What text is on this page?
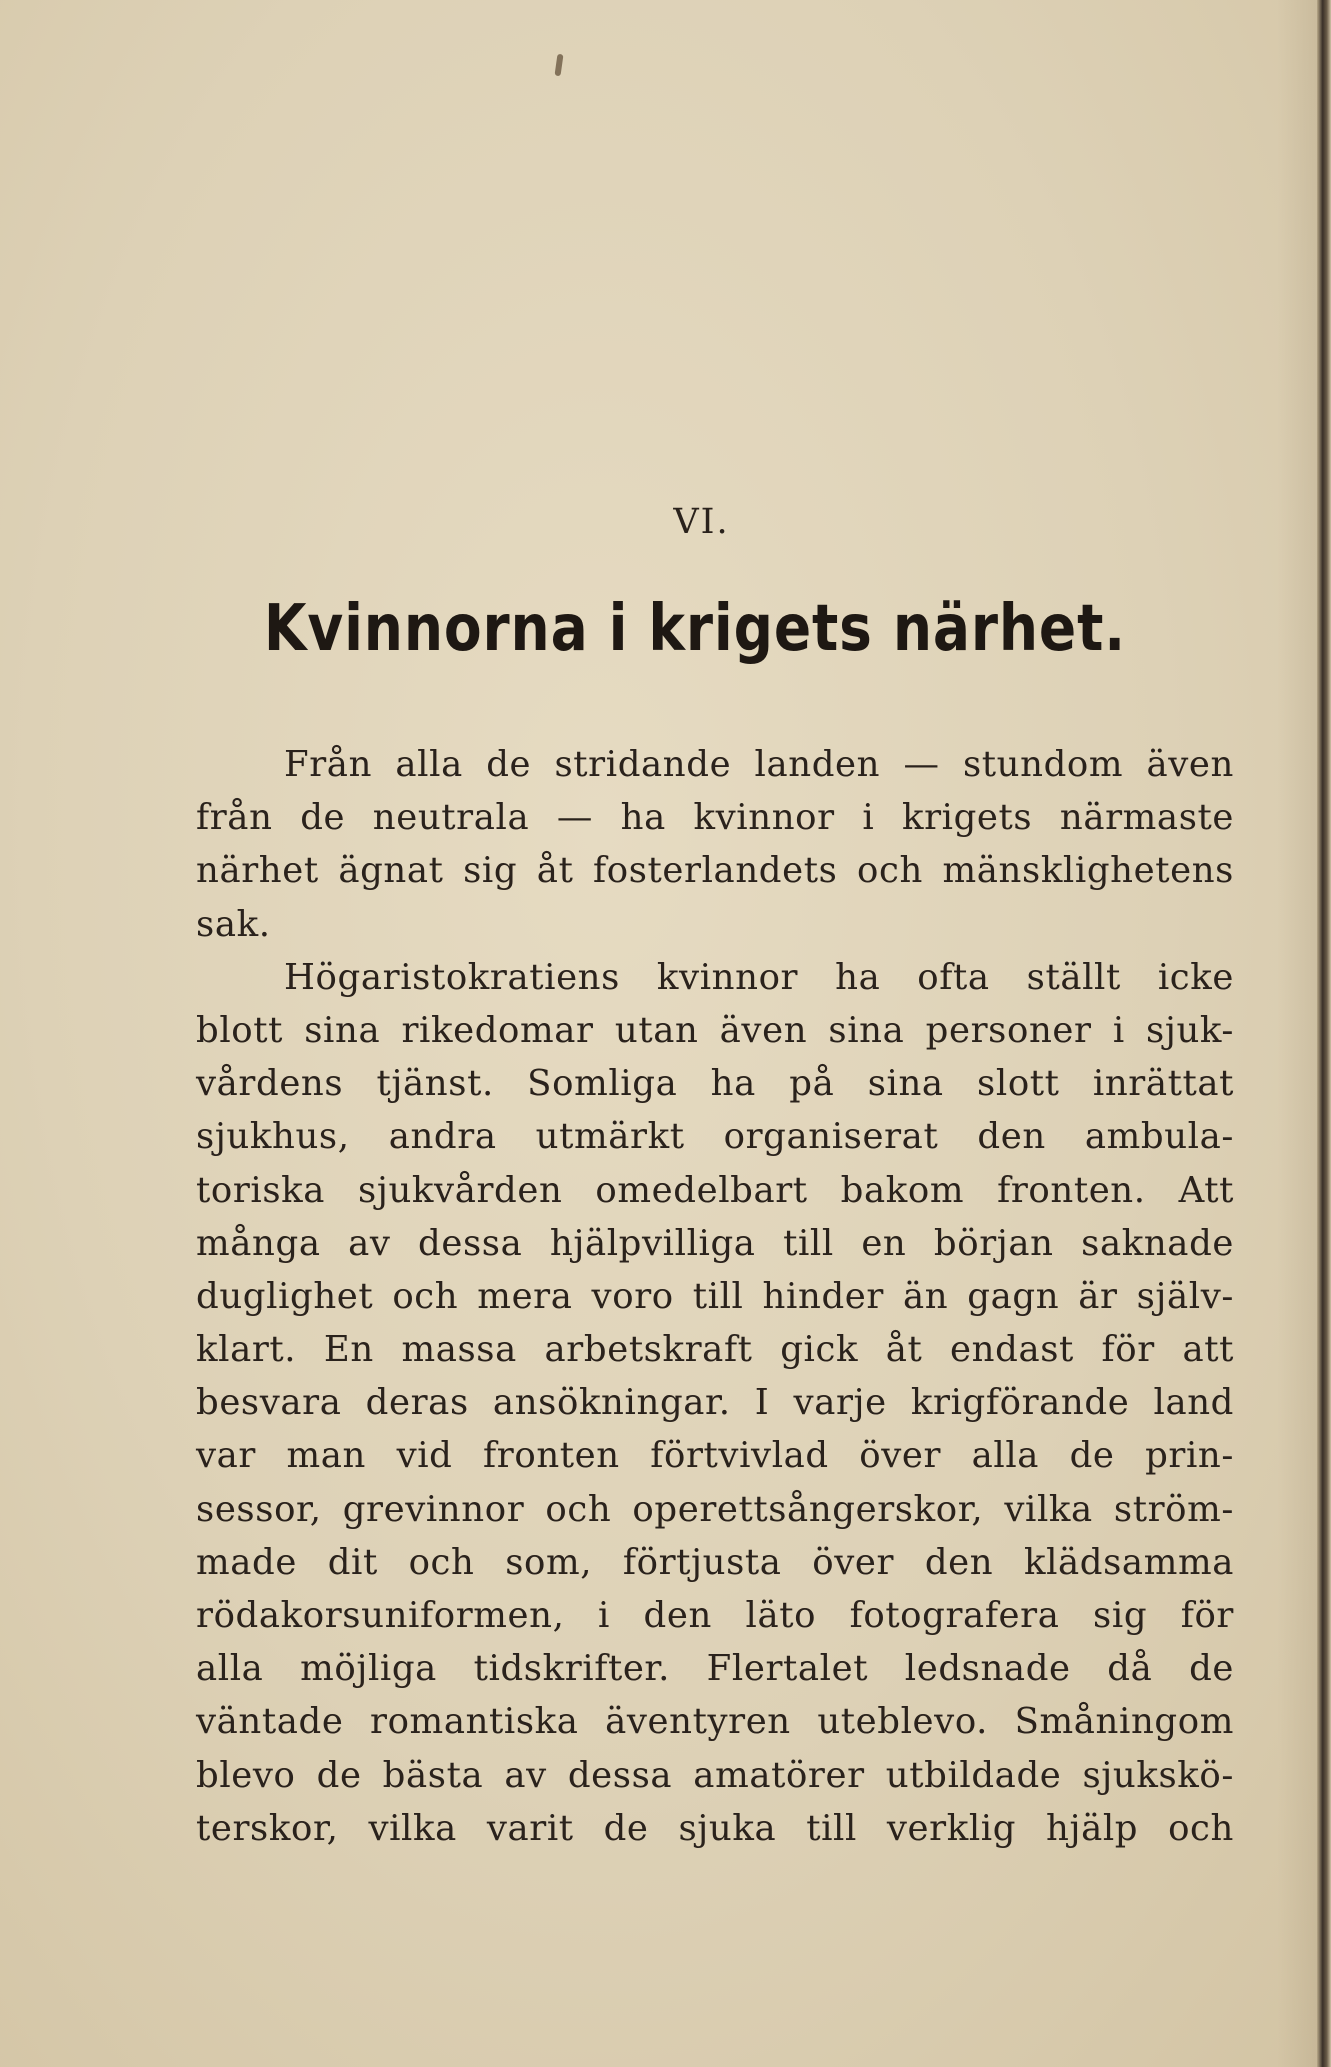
VI.
Kvinnorna i krigets närhet.
Från alla de stridande landen — stundom även
från de neutrala — ha kvinnor i krigets närmaste
närhet ägnat sig åt fosterlandets och mänsklighetens
sak.
Högaristokratiens kvinnor ha ofta ställt icke
blott sina rikedomar utan även sina personer i sjuk-
vårdens tjänst. Somliga ha på sina slott inrättat
sjukhus, andra utmärkt organiserat den ambula-
toriska sjukvården omedelbart bakom fronten. Att
många av dessa hjälpvilliga till en början saknade
duglighet och mera voro till hinder än gagn är själv-
klart. En massa arbetskraft gick åt endast för att
besvara deras ansökningar. I varje krigförande land
var man vid fronten förtvivlad över alla de prin-
sessor, grevinnor och operettsångerskor, vilka ström-
made dit och som, förtjusta över den klädsamma
rödakorsuniformen, i den läto fotografera sig för
alla möjliga tidskrifter. Flertalet ledsnade då de
väntade romantiska äventyren uteblevo. Småningom
blevo de bästa av dessa amatörer utbildade sjukskö-
terskor, vilka varit de sjuka till verklig hjälp och
